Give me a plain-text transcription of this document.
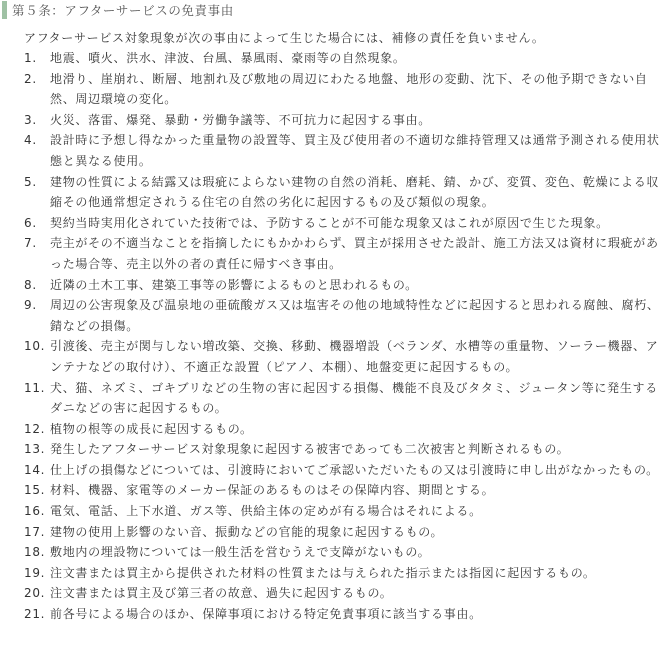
第５条：アフターサービスの免責事由
アフターサービス対象現象が次の事由によって生じた場合には、補修の責任を負いません。
1.	地震、噴火、洪水、津波、台風、暴風雨、豪雨等の自然現象。
2.	地滑り、崖崩れ、断層、地割れ及び敷地の周辺にわたる地盤、地形の変動、沈下、その他予期できない自然、周辺環境の変化。
3.	火災、落雷、爆発、暴動・労働争議等、不可抗力に起因する事由。
4.	設計時に予想し得なかった重量物の設置等、買主及び使用者の不適切な維持管理又は通常予測される使用状態と異なる使用。
5.	建物の性質による結露又は瑕疵によらない建物の自然の消耗、磨耗、錆、かび、変質、変色、乾燥による収縮その他通常想定されうる住宅の自然の劣化に起因するもの及び類似の現象。
6.	契約当時実用化されていた技術では、予防することが不可能な現象又はこれが原因で生じた現象。
7.	売主がその不適当なことを指摘したにもかかわらず、買主が採用させた設計、施工方法又は資材に瑕疵があった場合等、売主以外の者の責任に帰すべき事由。
8.	近隣の土木工事、建築工事等の影響によるものと思われるもの。
9.	周辺の公害現象及び温泉地の亜硫酸ガス又は塩害その他の地域特性などに起因すると思われる腐蝕、腐朽、錆などの損傷。
10. 引渡後、売主が関与しない増改築、交換、移動、機器増設（ベランダ、水槽等の重量物、ソーラー機器、アンテナなどの取付け）、不適正な設置（ピアノ、本棚）、地盤変更に起因するもの。
11. 犬、猫、ネズミ、ゴキブリなどの生物の害に起因する損傷、機能不良及びタタミ、ジュータン等に発生するダニなどの害に起因するもの。
12. 植物の根等の成長に起因するもの。
13. 発生したアフターサービス対象現象に起因する被害であっても二次被害と判断されるもの。
14. 仕上げの損傷などについては、引渡時においてご承認いただいたもの又は引渡時に申し出がなかったもの。
15. 材料、機器、家電等のメーカー保証のあるものはその保障内容、期間とする。
16. 電気、電話、上下水道、ガス等、供給主体の定めが有る場合はそれによる。
17. 建物の使用上影響のない音、振動などの官能的現象に起因するもの。
18. 敷地内の埋設物については一般生活を営むうえで支障がないもの。
19. 注文書または買主から提供された材料の性質または与えられた指示または指図に起因するもの。
20. 注文書または買主及び第三者の故意、過失に起因するもの。
21. 前各号による場合のほか、保障事項における特定免責事項に該当する事由。
